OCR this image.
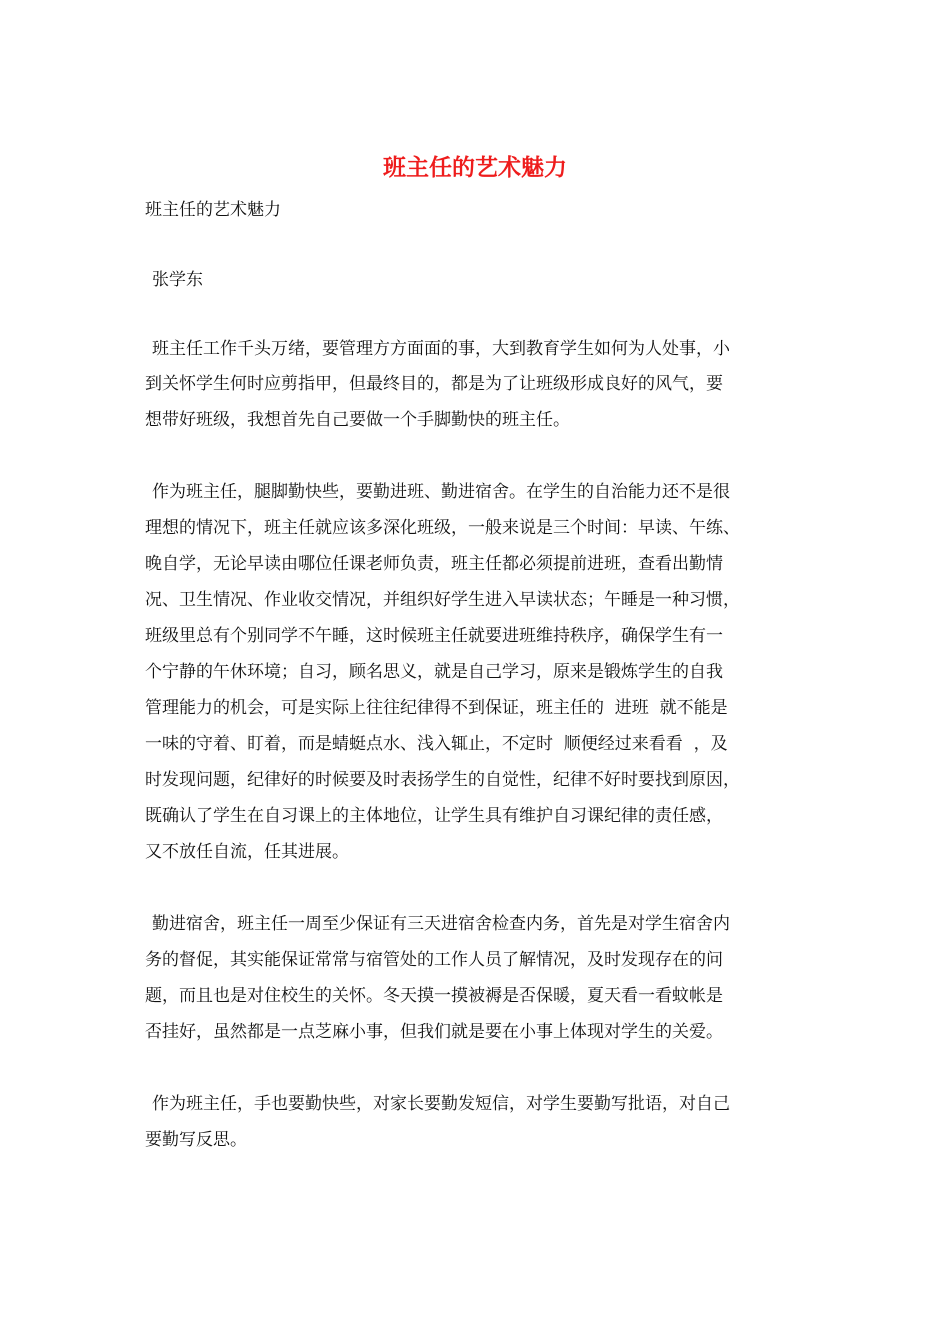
班主任的艺术魅力

班主任的艺术魅力

张学东

班主任工作千头万绪，要管理方方面面的事，大到教育学生如何为人处事，小

到关怀学生何时应剪指甲，但最终目的，都是为了让班级形成良好的风气，要

想带好班级，我想首先自己要做一个手脚勤快的班主任。

作为班主任，腿脚勤快些，要勤进班、勤进宿舍。在学生的自治能力还不是很

理想的情况下，班主任就应该多深化班级，一般来说是三个时间：早读、午练、

晚自学，无论早读由哪位任课老师负责，班主任都必须提前进班，查看出勤情

况、卫生情况、作业收交情况，并组织好学生进入早读状态；午睡是一种习惯，

班级里总有个别同学不午睡，这时候班主任就要进班维持秩序，确保学生有一

个宁静的午休环境；自习，顾名思义，就是自己学习，原来是锻炼学生的自我

管理能力的机会，可是实际上往往纪律得不到保证，班主任的  进班  就不能是

一味的守着、盯着，而是蜻蜓点水、浅入辄止，不定时  顺便经过来看看  ，及

时发现问题，纪律好的时候要及时表扬学生的自觉性，纪律不好时要找到原因，

既确认了学生在自习课上的主体地位，让学生具有维护自习课纪律的责任感，

又不放任自流，任其进展。

勤进宿舍，班主任一周至少保证有三天进宿舍检查内务，首先是对学生宿舍内

务的督促，其实能保证常常与宿管处的工作人员了解情况，及时发现存在的问

题，而且也是对住校生的关怀。冬天摸一摸被褥是否保暖，夏天看一看蚊帐是

否挂好，虽然都是一点芝麻小事，但我们就是要在小事上体现对学生的关爱。

作为班主任，手也要勤快些，对家长要勤发短信，对学生要勤写批语，对自己

要勤写反思。
